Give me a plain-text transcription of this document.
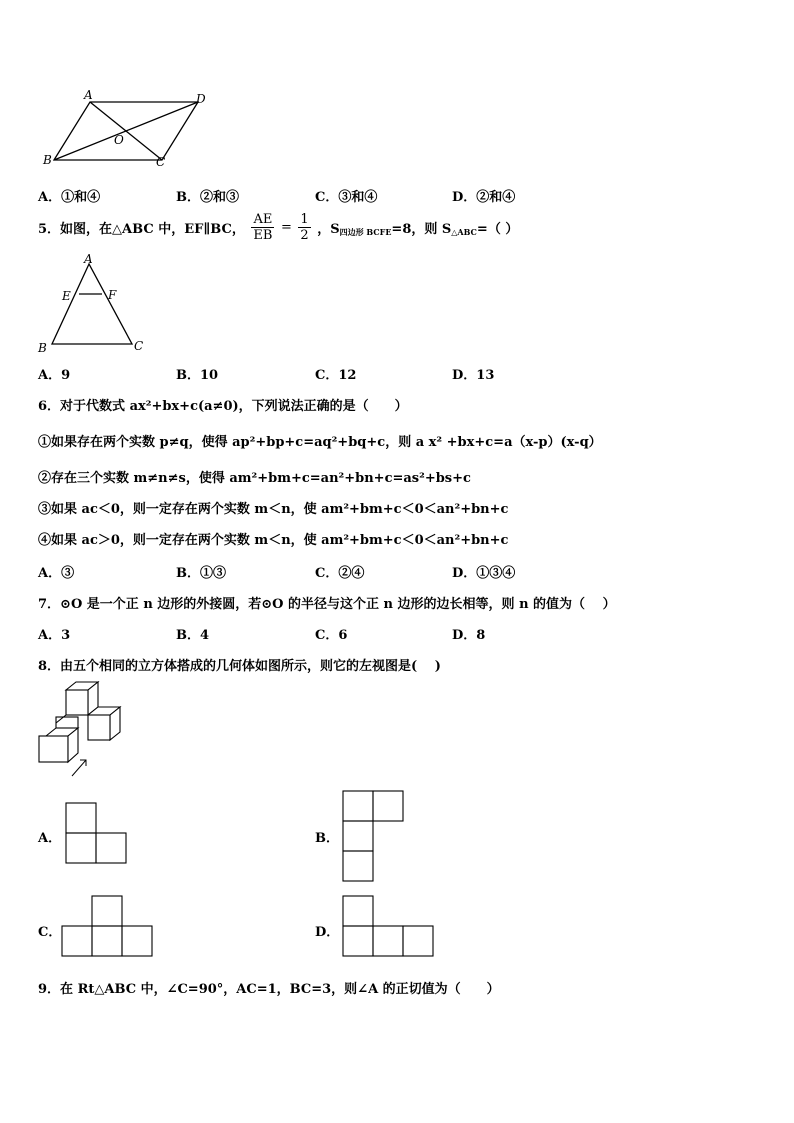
A	D
O
B	C
A．①和④	B．②和③	C．③和④	D．②和④
5．如图，在△ABC 中，EF∥BC， $\frac{AE}{EB} = \frac{1}{2}$ ，$S_{四边形 BCFE}=8$，则 $S_{\triangle ABC}=$（ ）
A
E	F
B	C
A．9	B．10	C．12	D．13
6．对于代数式 ax²+bx+c(a≠0)，下列说法正确的是（　　）
①如果存在两个实数 p≠q，使得 ap²+bp+c=aq²+bq+c，则 a x² +bx+c=a（x-p）(x-q）
②存在三个实数 m≠n≠s，使得 am²+bm+c=an²+bn+c=as²+bs+c
③如果 ac＜0，则一定存在两个实数 m＜n，使 am²+bm+c＜0＜an²+bn+c
④如果 ac＞0，则一定存在两个实数 m＜n，使 am²+bm+c＜0＜an²+bn+c
A．③	B．①③	C．②④	D．①③④
7．⊙O 是一个正 n 边形的外接圆，若⊙O 的半径与这个正 n 边形的边长相等，则 n 的值为（　 ）
A．3	B．4	C．6	D．8
8．由五个相同的立方体搭成的几何体如图所示，则它的左视图是(　 )
A．	B．
C．	D．
9．在 Rt△ABC 中，∠C=90°，AC=1，BC=3，则∠A 的正切值为（　　）
